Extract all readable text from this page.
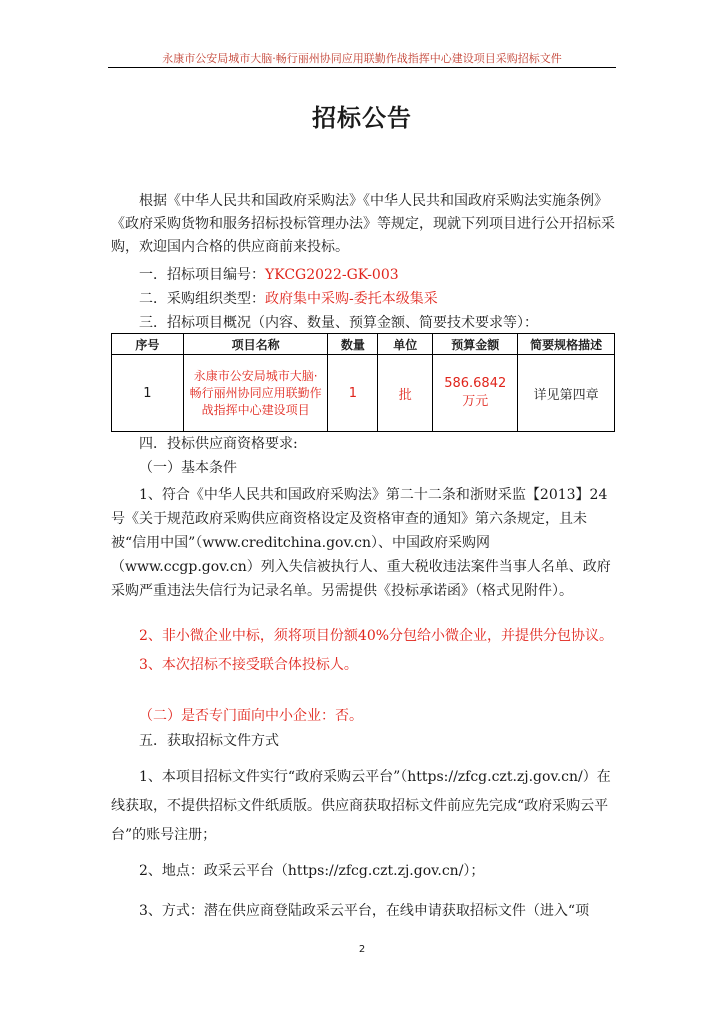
永康市公安局城市大脑·畅行丽州协同应用联勤作战指挥中心建设项目采购招标文件
招标公告

根据《中华人民共和国政府采购法》《中华人民共和国政府采购法实施条例》《政府采购货物和服务招标投标管理办法》等规定，现就下列项目进行公开招标采购，欢迎国内合格的供应商前来投标。

一．招标项目编号：YKCG2022-GK-003

二．采购组织类型：政府集中采购-委托本级集采

三．招标项目概况（内容、数量、预算金额、简要技术要求等）：

序号	项目名称	数量	单位	预算金额	简要规格描述
1	永康市公安局城市大脑·畅行丽州协同应用联勤作战指挥中心建设项目	1	批	586.6842万元	详见第四章

四．投标供应商资格要求:

（一）基本条件

1、符合《中华人民共和国政府采购法》第二十二条和浙财采监【2013】24号《关于规范政府采购供应商资格设定及资格审查的通知》第六条规定，且未被“信用中国”（www.creditchina.gov.cn）、中国政府采购网（www.ccgp.gov.cn）列入失信被执行人、重大税收违法案件当事人名单、政府采购严重违法失信行为记录名单。另需提供《投标承诺函》（格式见附件）。

2、非小微企业中标，须将项目份额40%分包给小微企业，并提供分包协议。

3、本次招标不接受联合体投标人。

（二）是否专门面向中小企业：否。

五．获取招标文件方式

1、本项目招标文件实行“政府采购云平台”（https://zfcg.czt.zj.gov.cn/）在线获取，不提供招标文件纸质版。供应商获取招标文件前应先完成“政府采购云平台”的账号注册；

2、地点：政采云平台（https://zfcg.czt.zj.gov.cn/）；

3、方式：潜在供应商登陆政采云平台，在线申请获取招标文件（进入“项

2
